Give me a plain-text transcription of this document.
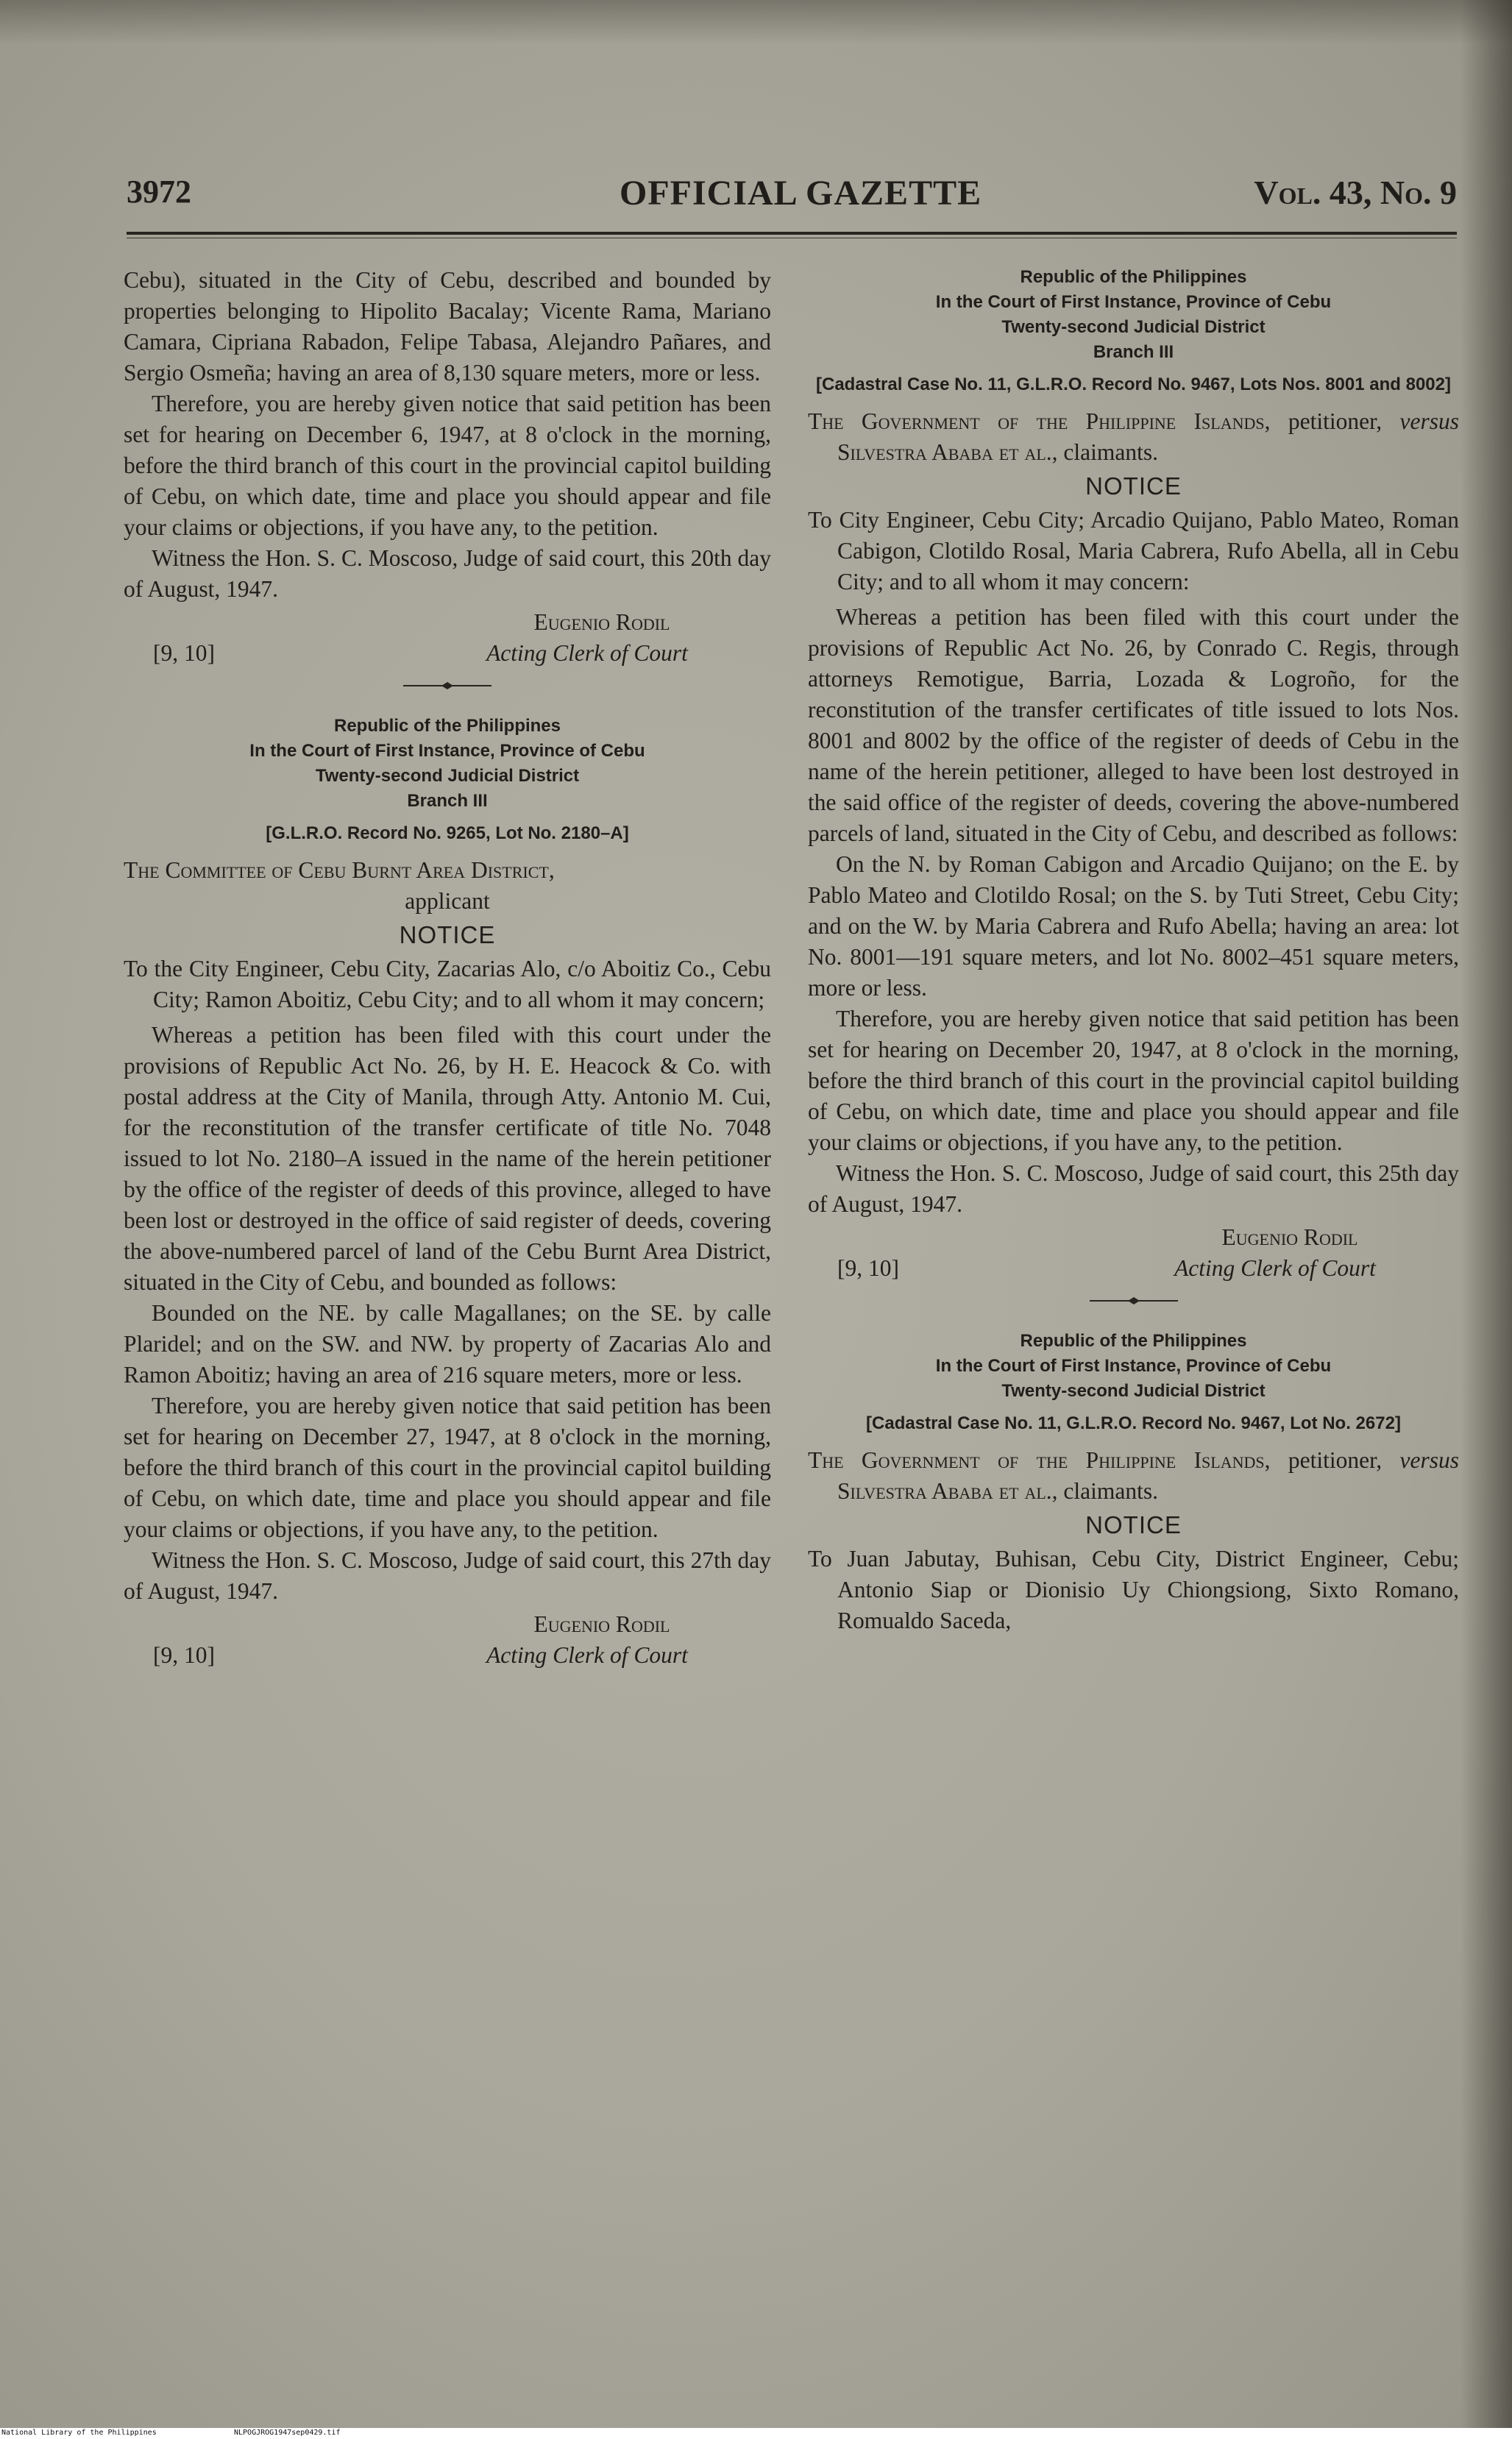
3972	OFFICIAL GAZETTE	Vol. 43, No. 9

Cebu), situated in the City of Cebu, described and bounded by properties belonging to Hipolito Bacalay; Vicente Rama, Mariano Camara, Cipriana Rabadon, Felipe Tabasa, Alejandro Pañares, and Sergio Osmeña; having an area of 8,130 square meters, more or less.

Therefore, you are hereby given notice that said petition has been set for hearing on December 6, 1947, at 8 o'clock in the morning, before the third branch of this court in the provincial capitol building of Cebu, on which date, time and place you should appear and file your claims or objections, if you have any, to the petition.

Witness the Hon. S. C. Moscoso, Judge of said court, this 20th day of August, 1947.

[9, 10]
Eugenio Rodil
Acting Clerk of Court

Republic of the Philippines

In the Court of First Instance, Province of Cebu

Twenty-second Judicial District

Branch III

[G.L.R.O. Record No. 9265, Lot No. 2180–A]

The Committee of Cebu Burnt Area District,

applicant

NOTICE

To the City Engineer, Cebu City, Zacarias Alo, c/o Aboitiz Co., Cebu City; Ramon Aboitiz, Cebu City; and to all whom it may concern;

Whereas a petition has been filed with this court under the provisions of Republic Act No. 26, by H. E. Heacock & Co. with postal address at the City of Manila, through Atty. Antonio M. Cui, for the reconstitution of the transfer certificate of title No. 7048 issued to lot No. 2180–A issued in the name of the herein petitioner by the office of the register of deeds of this province, alleged to have been lost or destroyed in the office of said register of deeds, covering the above-numbered parcel of land of the Cebu Burnt Area District, situated in the City of Cebu, and bounded as follows:

Bounded on the NE. by calle Magallanes; on the SE. by calle Plaridel; and on the SW. and NW. by property of Zacarias Alo and Ramon Aboitiz; having an area of 216 square meters, more or less.

Therefore, you are hereby given notice that said petition has been set for hearing on December 27, 1947, at 8 o'clock in the morning, before the third branch of this court in the provincial capitol building of Cebu, on which date, time and place you should appear and file your claims or objections, if you have any, to the petition.

Witness the Hon. S. C. Moscoso, Judge of said court, this 27th day of August, 1947.

[9, 10]
Eugenio Rodil
Acting Clerk of Court

Republic of the Philippines

In the Court of First Instance, Province of Cebu

Twenty-second Judicial District

Branch III

[Cadastral Case No. 11, G.L.R.O. Record No. 9467, Lots Nos. 8001 and 8002]

The Government of the Philippine Islands, petitioner, versus Silvestra Ababa et al., claimants.

NOTICE

To City Engineer, Cebu City; Arcadio Quijano, Pablo Mateo, Roman Cabigon, Clotildo Rosal, Maria Cabrera, Rufo Abella, all in Cebu City; and to all whom it may concern:

Whereas a petition has been filed with this court under the provisions of Republic Act No. 26, by Conrado C. Regis, through attorneys Remotigue, Barria, Lozada & Logroño, for the reconstitution of the transfer certificates of title issued to lots Nos. 8001 and 8002 by the office of the register of deeds of Cebu in the name of the herein petitioner, alleged to have been lost destroyed in the said office of the register of deeds, covering the above-numbered parcels of land, situated in the City of Cebu, and described as follows:

On the N. by Roman Cabigon and Arcadio Quijano; on the E. by Pablo Mateo and Clotildo Rosal; on the S. by Tuti Street, Cebu City; and on the W. by Maria Cabrera and Rufo Abella; having an area: lot No. 8001—191 square meters, and lot No. 8002–451 square meters, more or less.

Therefore, you are hereby given notice that said petition has been set for hearing on December 20, 1947, at 8 o'clock in the morning, before the third branch of this court in the provincial capitol building of Cebu, on which date, time and place you should appear and file your claims or objections, if you have any, to the petition.

Witness the Hon. S. C. Moscoso, Judge of said court, this 25th day of August, 1947.

[9, 10]
Eugenio Rodil
Acting Clerk of Court

Republic of the Philippines

In the Court of First Instance, Province of Cebu

Twenty-second Judicial District

[Cadastral Case No. 11, G.L.R.O. Record No. 9467, Lot No. 2672]

The Government of the Philippine Islands, petitioner, versus Silvestra Ababa et al., claimants.

NOTICE

To Juan Jabutay, Buhisan, Cebu City, District Engineer, Cebu; Antonio Siap or Dionisio Uy Chiongsiong, Sixto Romano, Romualdo Saceda,

National Library of the Philippines	NLPOGJROG1947sep0429.tif
